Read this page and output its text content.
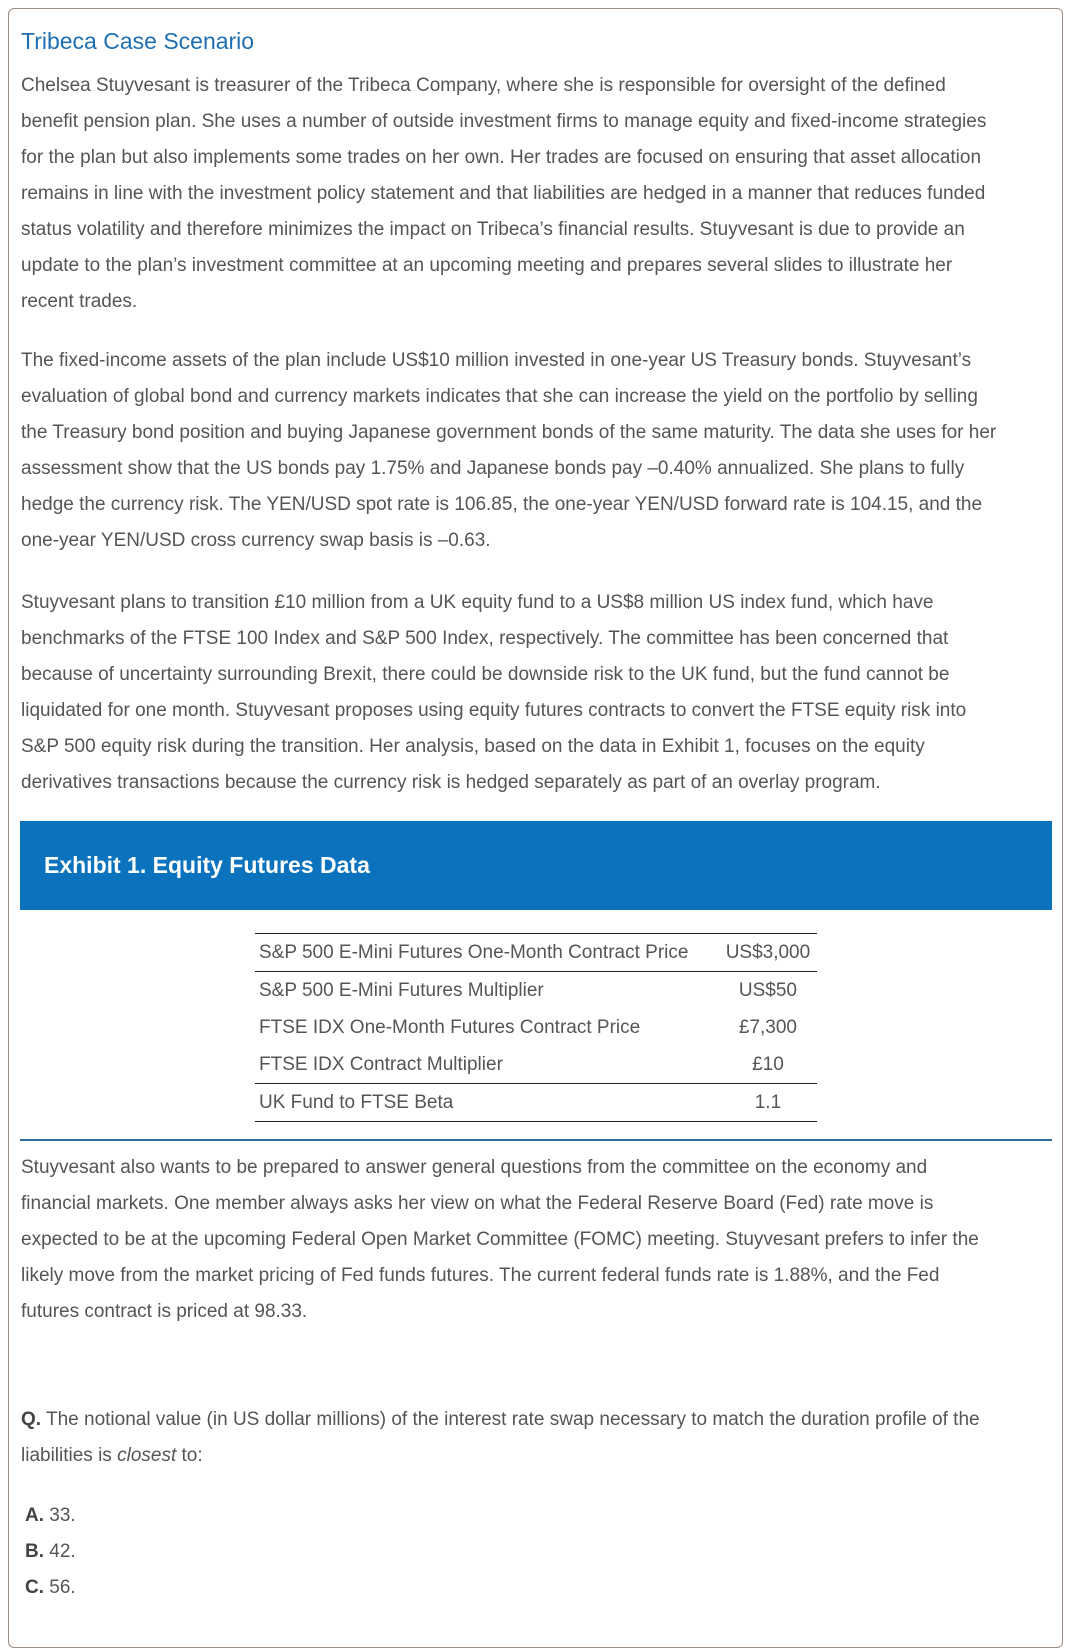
Tribeca Case Scenario

Chelsea Stuyvesant is treasurer of the Tribeca Company, where she is responsible for oversight of the defined
benefit pension plan. She uses a number of outside investment firms to manage equity and fixed-income strategies
for the plan but also implements some trades on her own. Her trades are focused on ensuring that asset allocation
remains in line with the investment policy statement and that liabilities are hedged in a manner that reduces funded
status volatility and therefore minimizes the impact on Tribeca’s financial results. Stuyvesant is due to provide an
update to the plan’s investment committee at an upcoming meeting and prepares several slides to illustrate her
recent trades.

The fixed-income assets of the plan include US$10 million invested in one-year US Treasury bonds. Stuyvesant’s
evaluation of global bond and currency markets indicates that she can increase the yield on the portfolio by selling
the Treasury bond position and buying Japanese government bonds of the same maturity. The data she uses for her
assessment show that the US bonds pay 1.75% and Japanese bonds pay –0.40% annualized. She plans to fully
hedge the currency risk. The YEN/USD spot rate is 106.85, the one-year YEN/USD forward rate is 104.15, and the
one-year YEN/USD cross currency swap basis is –0.63.

Stuyvesant plans to transition £10 million from a UK equity fund to a US$8 million US index fund, which have
benchmarks of the FTSE 100 Index and S&P 500 Index, respectively. The committee has been concerned that
because of uncertainty surrounding Brexit, there could be downside risk to the UK fund, but the fund cannot be
liquidated for one month. Stuyvesant proposes using equity futures contracts to convert the FTSE equity risk into
S&P 500 equity risk during the transition. Her analysis, based on the data in Exhibit 1, focuses on the equity
derivatives transactions because the currency risk is hedged separately as part of an overlay program.

Exhibit 1. Equity Futures Data
S&P 500 E-Mini Futures One-Month Contract Price	US$3,000
S&P 500 E-Mini Futures Multiplier	US$50
FTSE IDX One-Month Futures Contract Price	£7,300
FTSE IDX Contract Multiplier	£10
UK Fund to FTSE Beta	1.1

Stuyvesant also wants to be prepared to answer general questions from the committee on the economy and
financial markets. One member always asks her view on what the Federal Reserve Board (Fed) rate move is
expected to be at the upcoming Federal Open Market Committee (FOMC) meeting. Stuyvesant prefers to infer the
likely move from the market pricing of Fed funds futures. The current federal funds rate is 1.88%, and the Fed
futures contract is priced at 98.33.

Q. The notional value (in US dollar millions) of the interest rate swap necessary to match the duration profile of the
liabilities is closest to:

A. 33.
B. 42.
C. 56.
